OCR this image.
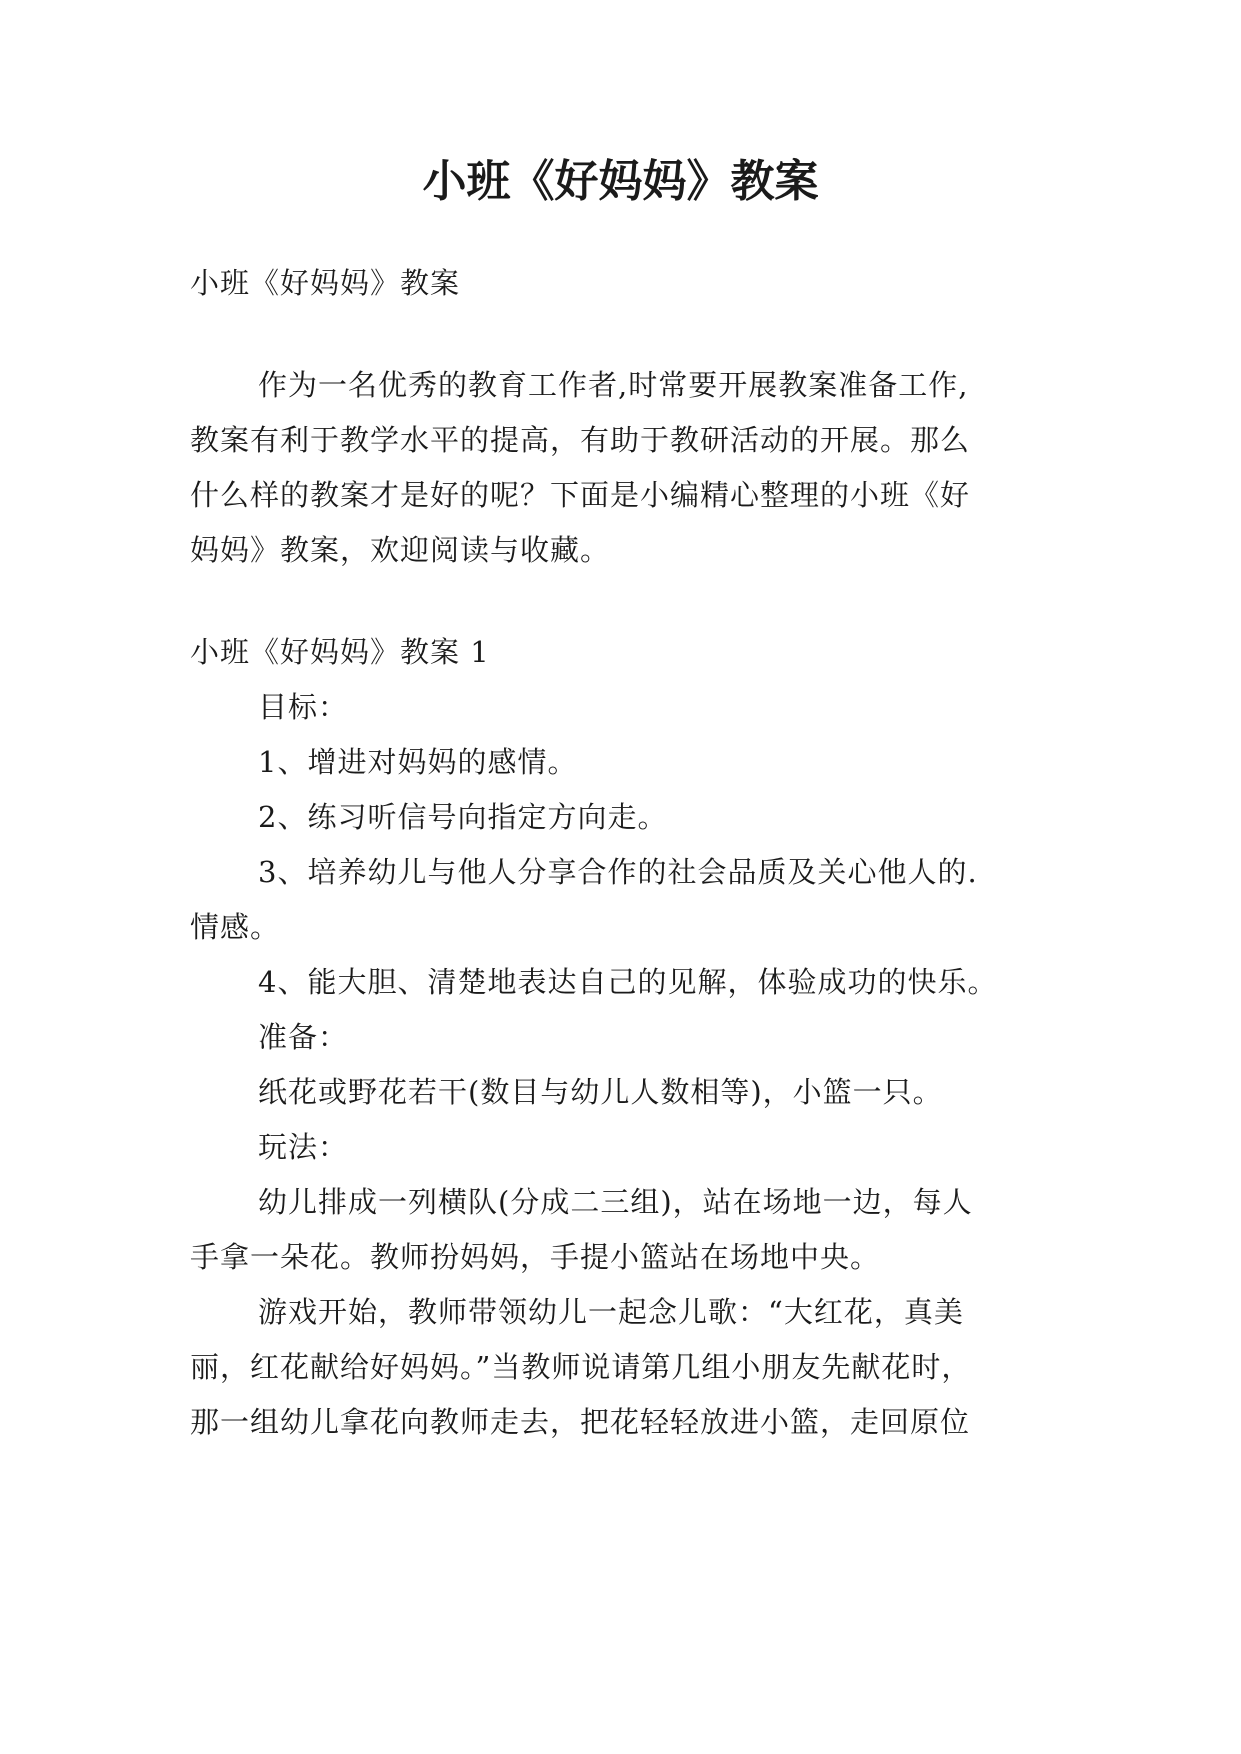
小班《好妈妈》教案

小班《好妈妈》教案

作为一名优秀的教育工作者,时常要开展教案准备工作,

教案有利于教学水平的提高，有助于教研活动的开展。那么

什么样的教案才是好的呢？下面是小编精心整理的小班《好

妈妈》教案，欢迎阅读与收藏。

小班《好妈妈》教案 1

目标：

1、增进对妈妈的感情。

2、练习听信号向指定方向走。

3、培养幼儿与他人分享合作的社会品质及关心他人的.

情感。

4、能大胆、清楚地表达自己的见解，体验成功的快乐。

准备：

纸花或野花若干(数目与幼儿人数相等)，小篮一只。

玩法：

幼儿排成一列横队(分成二三组)，站在场地一边，每人

手拿一朵花。教师扮妈妈，手提小篮站在场地中央。

游戏开始，教师带领幼儿一起念儿歌：“大红花，真美

丽，红花献给好妈妈。”当教师说请第几组小朋友先献花时，

那一组幼儿拿花向教师走去，把花轻轻放进小篮，走回原位
